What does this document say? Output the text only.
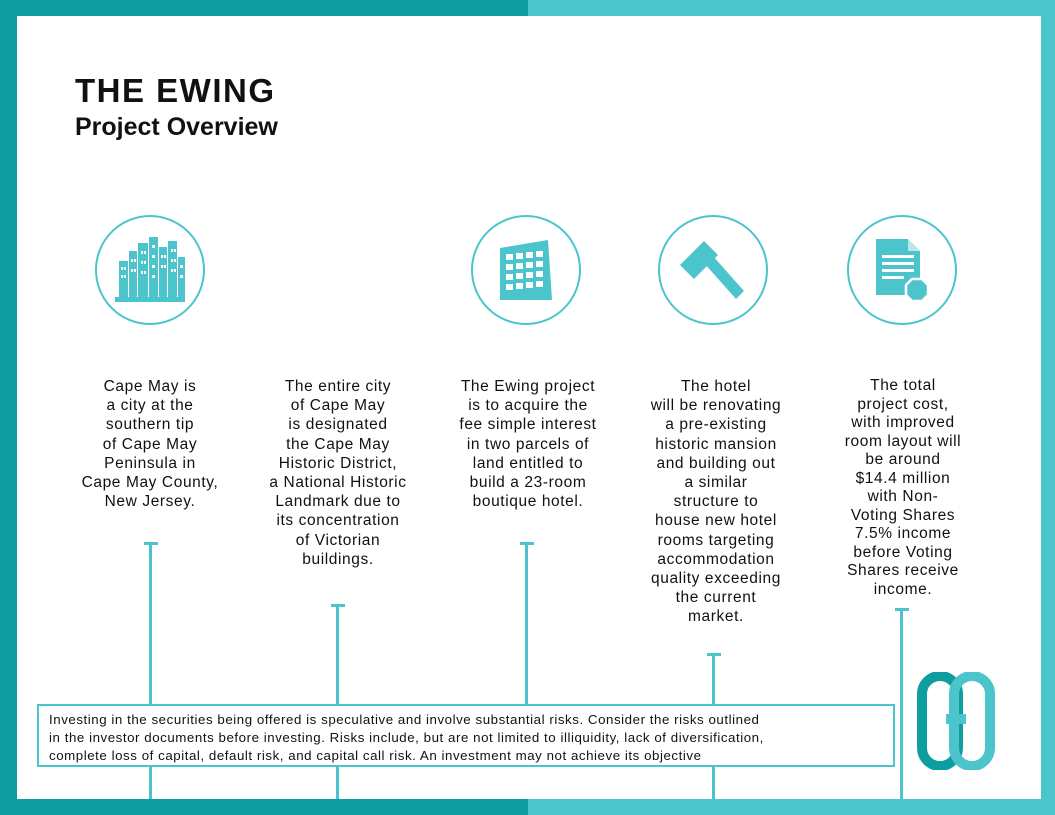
THE EWING
Project Overview
Cape May is
a city at the
southern tip
of Cape May
Peninsula in
Cape May County,
New Jersey.
The entire city
of Cape May
is designated
the Cape May
Historic District,
a National Historic
Landmark due to
its concentration
of Victorian
buildings.
The Ewing project
is to acquire the
fee simple interest
in two parcels of
land entitled to
build a 23-room
boutique hotel.
The hotel
will be renovating
a pre-existing
historic mansion
and building out
a similar
structure to
house new hotel
rooms targeting
accommodation
quality exceeding
the current
market.
The total
project cost,
with improved
room layout will
be around
$14.4 million
with Non-
Voting Shares
7.5% income
before Voting
Shares receive
income.
Investing in the securities being offered is speculative and involve substantial risks. Consider the risks outlined
in the investor documents before investing. Risks include, but are not limited to illiquidity, lack of diversification,
complete loss of capital, default risk, and capital call risk. An investment may not achieve its objective
